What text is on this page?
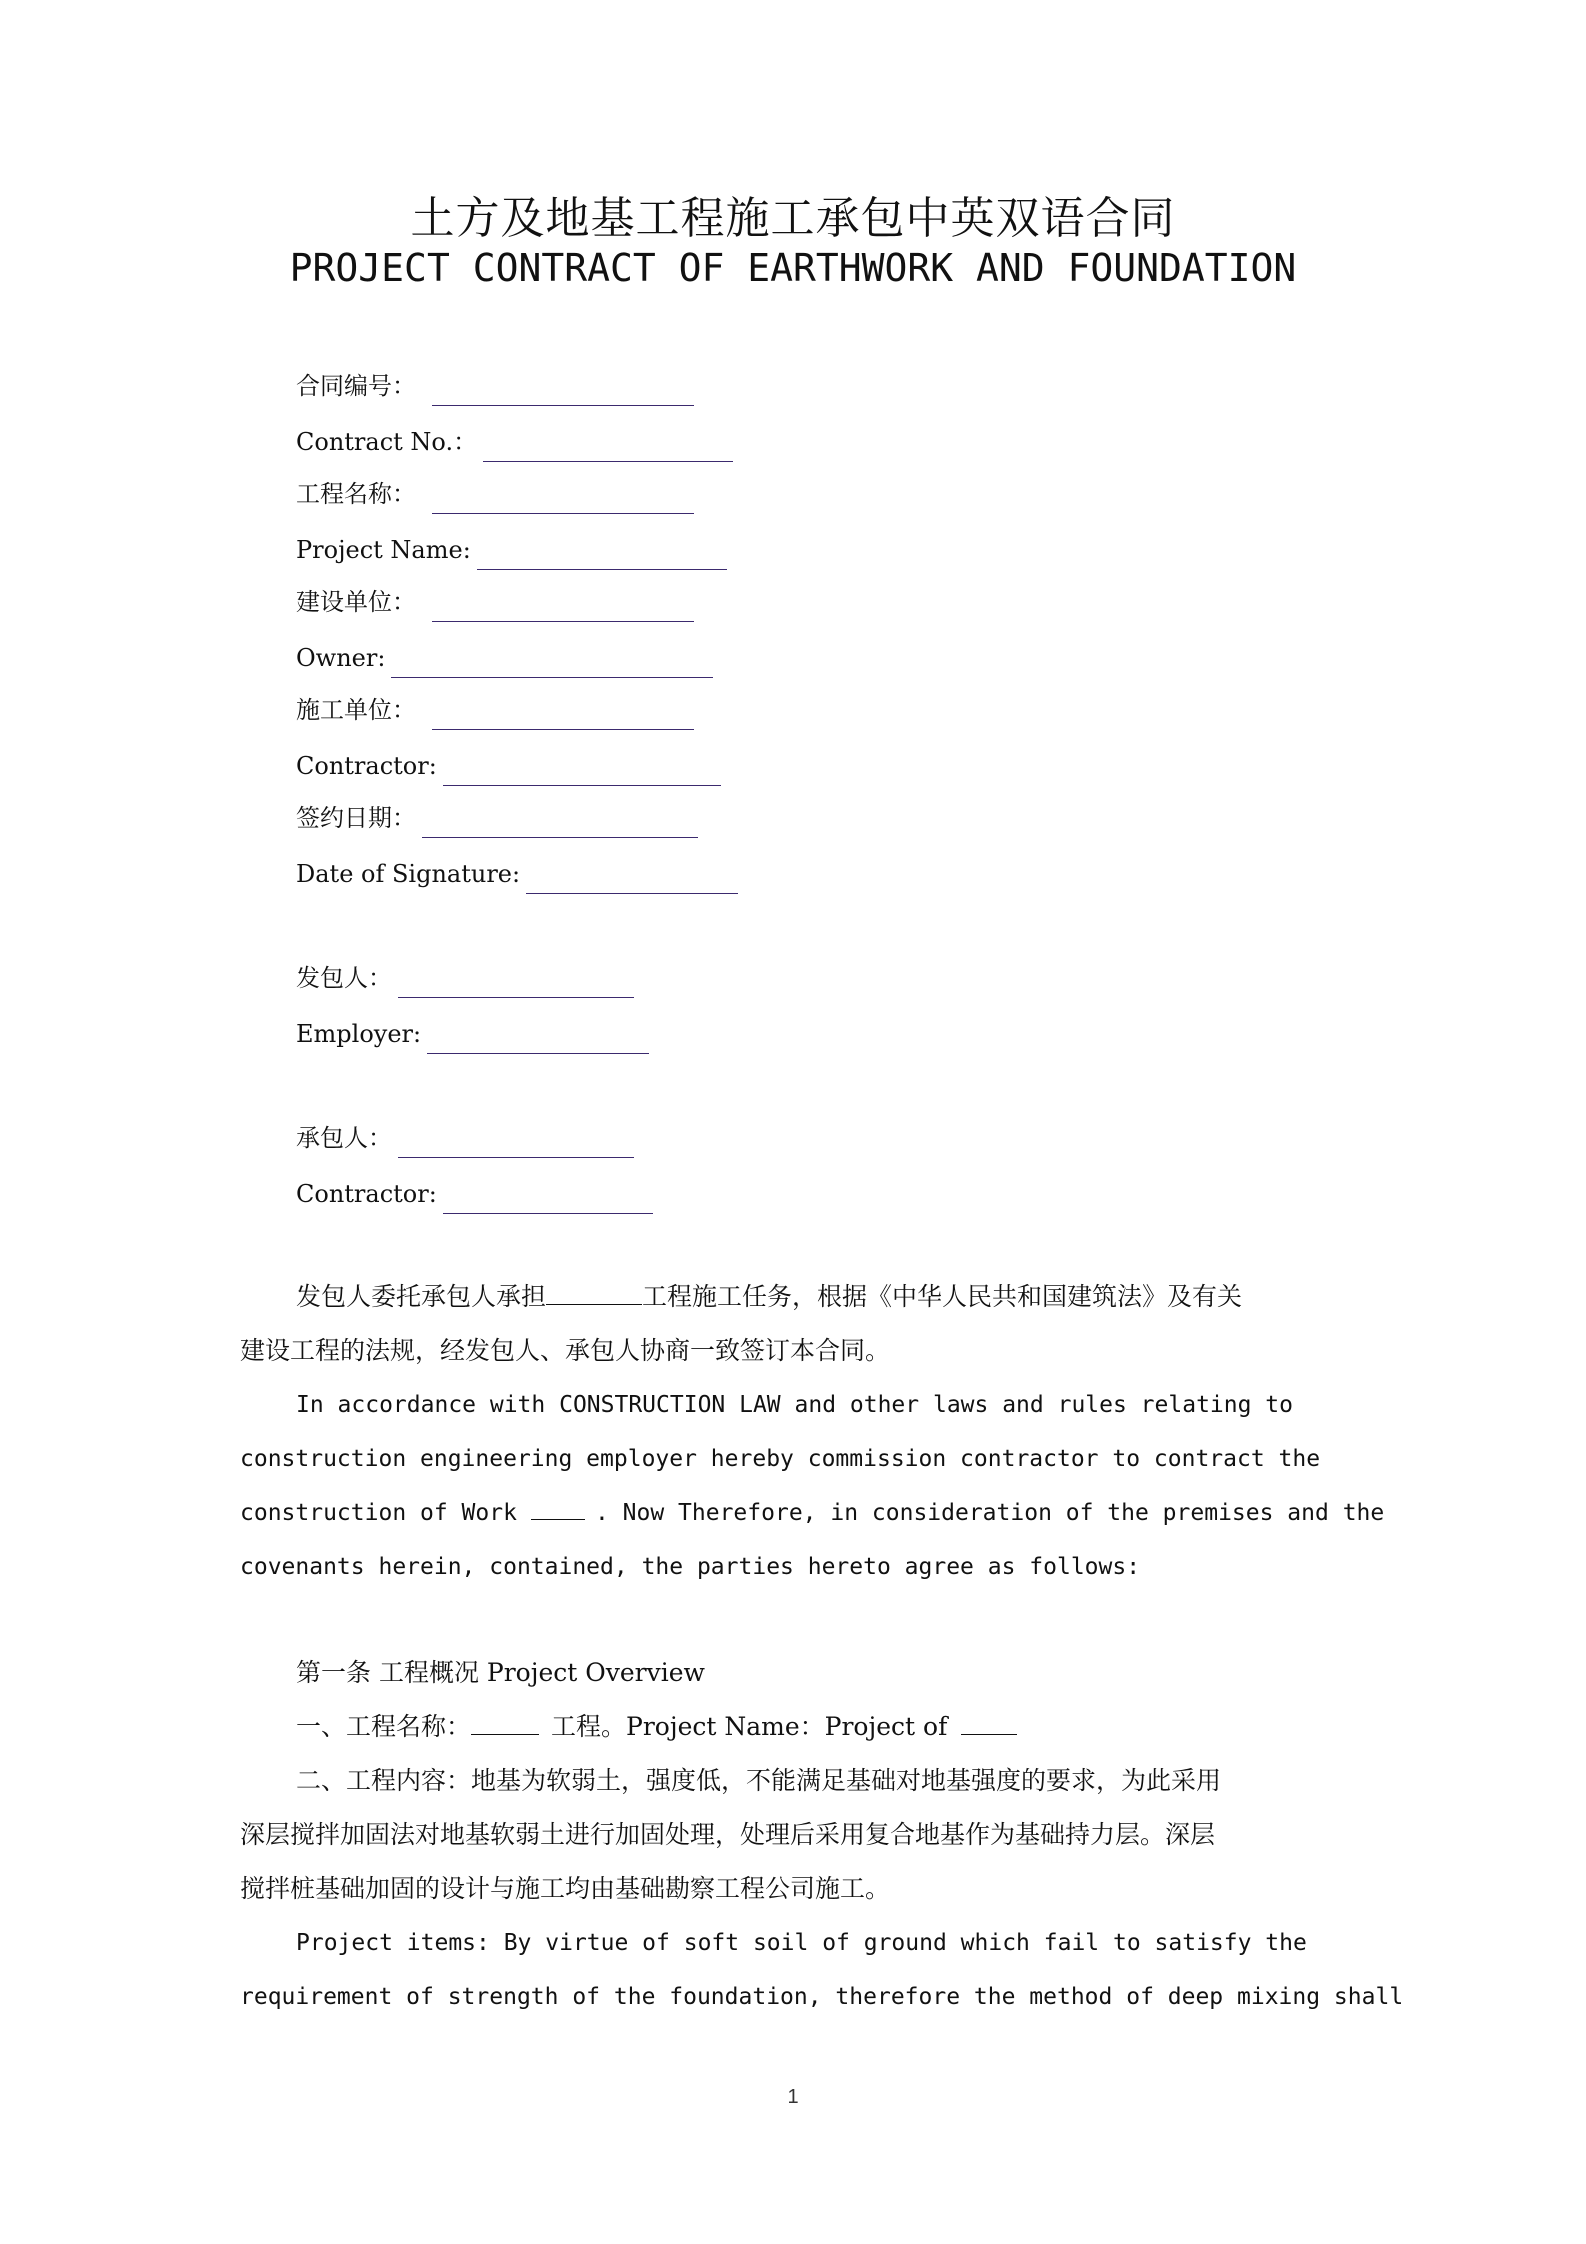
土方及地基工程施工承包中英双语合同
PROJECT CONTRACT OF EARTHWORK AND FOUNDATION
合同编号：
Contract No.：
工程名称：
Project Name:
建设单位：
Owner:
施工单位：
Contractor:
签约日期：
Date of Signature:
发包人：
Employer:
承包人：
Contractor:
发包人委托承包人承担	工程施工任务，根据《中华人民共和国建筑法》及有关
建设工程的法规，经发包人、承包人协商一致签订本合同。
In accordance with CONSTRUCTION LAW and other laws and rules relating to
construction engineering employer hereby commission contractor to contract the
construction of Work	. Now Therefore, in consideration of the premises and the
covenants herein, contained, the parties hereto agree as follows:
第一条 工程概况 Project Overview
一、工程名称：	工程。Project Name：Project of
二、工程内容：地基为软弱土，强度低，不能满足基础对地基强度的要求，为此采用
深层搅拌加固法对地基软弱土进行加固处理，处理后采用复合地基作为基础持力层。深层
搅拌桩基础加固的设计与施工均由基础勘察工程公司施工。
Project items: By virtue of soft soil of ground which fail to satisfy the
requirement of strength of the foundation, therefore the method of deep mixing shall
1
